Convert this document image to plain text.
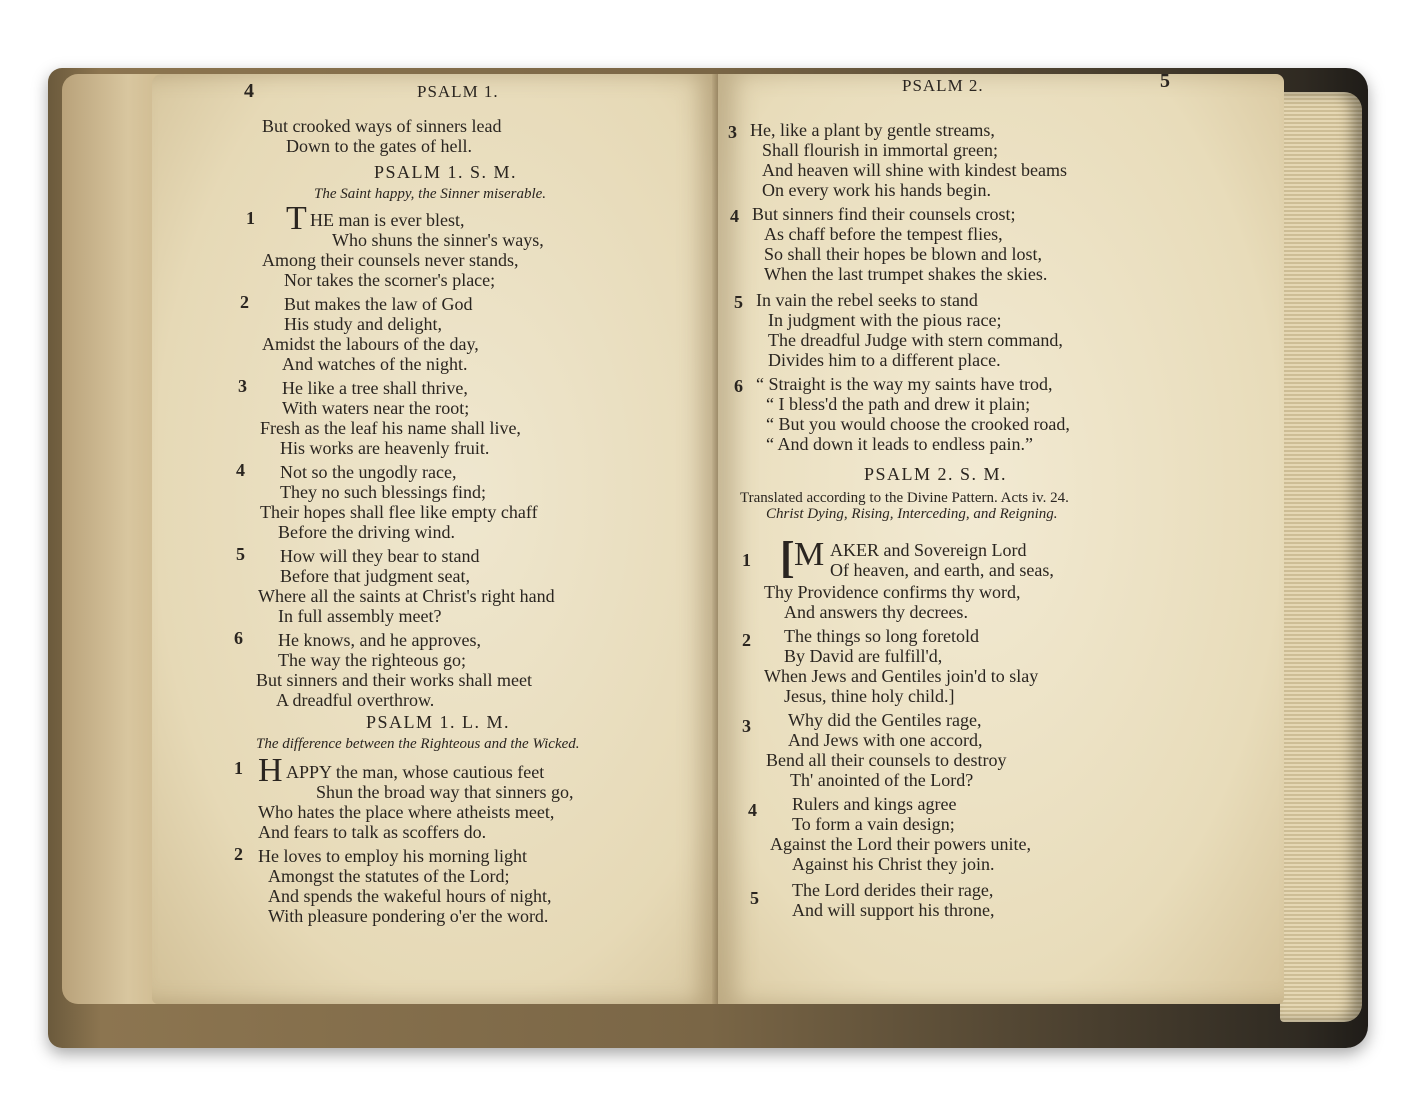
4	PSALM 1.
But crooked ways of sinners lead
Down to the gates of hell.
PSALM 1. S. M.
The Saint happy, the Sinner miserable.
1 T HE man is ever blest,
Who shuns the sinner's ways,
Among their counsels never stands,
Nor takes the scorner's place;
2 But makes the law of God
His study and delight,
Amidst the labours of the day,
And watches of the night.
3 He like a tree shall thrive,
With waters near the root;
Fresh as the leaf his name shall live,
His works are heavenly fruit.
4 Not so the ungodly race,
They no such blessings find;
Their hopes shall flee like empty chaff
Before the driving wind.
5 How will they bear to stand
Before that judgment seat,
Where all the saints at Christ's right hand
In full assembly meet?
6 He knows, and he approves,
The way the righteous go;
But sinners and their works shall meet
A dreadful overthrow.
PSALM 1. L. M.
The difference between the Righteous and the Wicked.
1 H APPY the man, whose cautious feet
Shun the broad way that sinners go,
Who hates the place where atheists meet,
And fears to talk as scoffers do.
2 He loves to employ his morning light
Amongst the statutes of the Lord;
And spends the wakeful hours of night,
With pleasure pondering o'er the word.
PSALM 2.	5
3 He, like a plant by gentle streams,
Shall flourish in immortal green;
And heaven will shine with kindest beams
On every work his hands begin.
4 But sinners find their counsels crost;
As chaff before the tempest flies,
So shall their hopes be blown and lost,
When the last trumpet shakes the skies.
5 In vain the rebel seeks to stand
In judgment with the pious race;
The dreadful Judge with stern command,
Divides him to a different place.
6 “ Straight is the way my saints have trod,
“ I bless'd the path and drew it plain;
“ But you would choose the crooked road,
“ And down it leads to endless pain.”
PSALM 2. S. M.
Translated according to the Divine Pattern. Acts iv. 24.
Christ Dying, Rising, Interceding, and Reigning.
1 [ M AKER and Sovereign Lord
Of heaven, and earth, and seas,
Thy Providence confirms thy word,
And answers thy decrees.
2 The things so long foretold
By David are fulfill'd,
When Jews and Gentiles join'd to slay
Jesus, thine holy child.]
3 Why did the Gentiles rage,
And Jews with one accord,
Bend all their counsels to destroy
Th' anointed of the Lord?
4 Rulers and kings agree
To form a vain design;
Against the Lord their powers unite,
Against his Christ they join.
5 The Lord derides their rage,
And will support his throne,
